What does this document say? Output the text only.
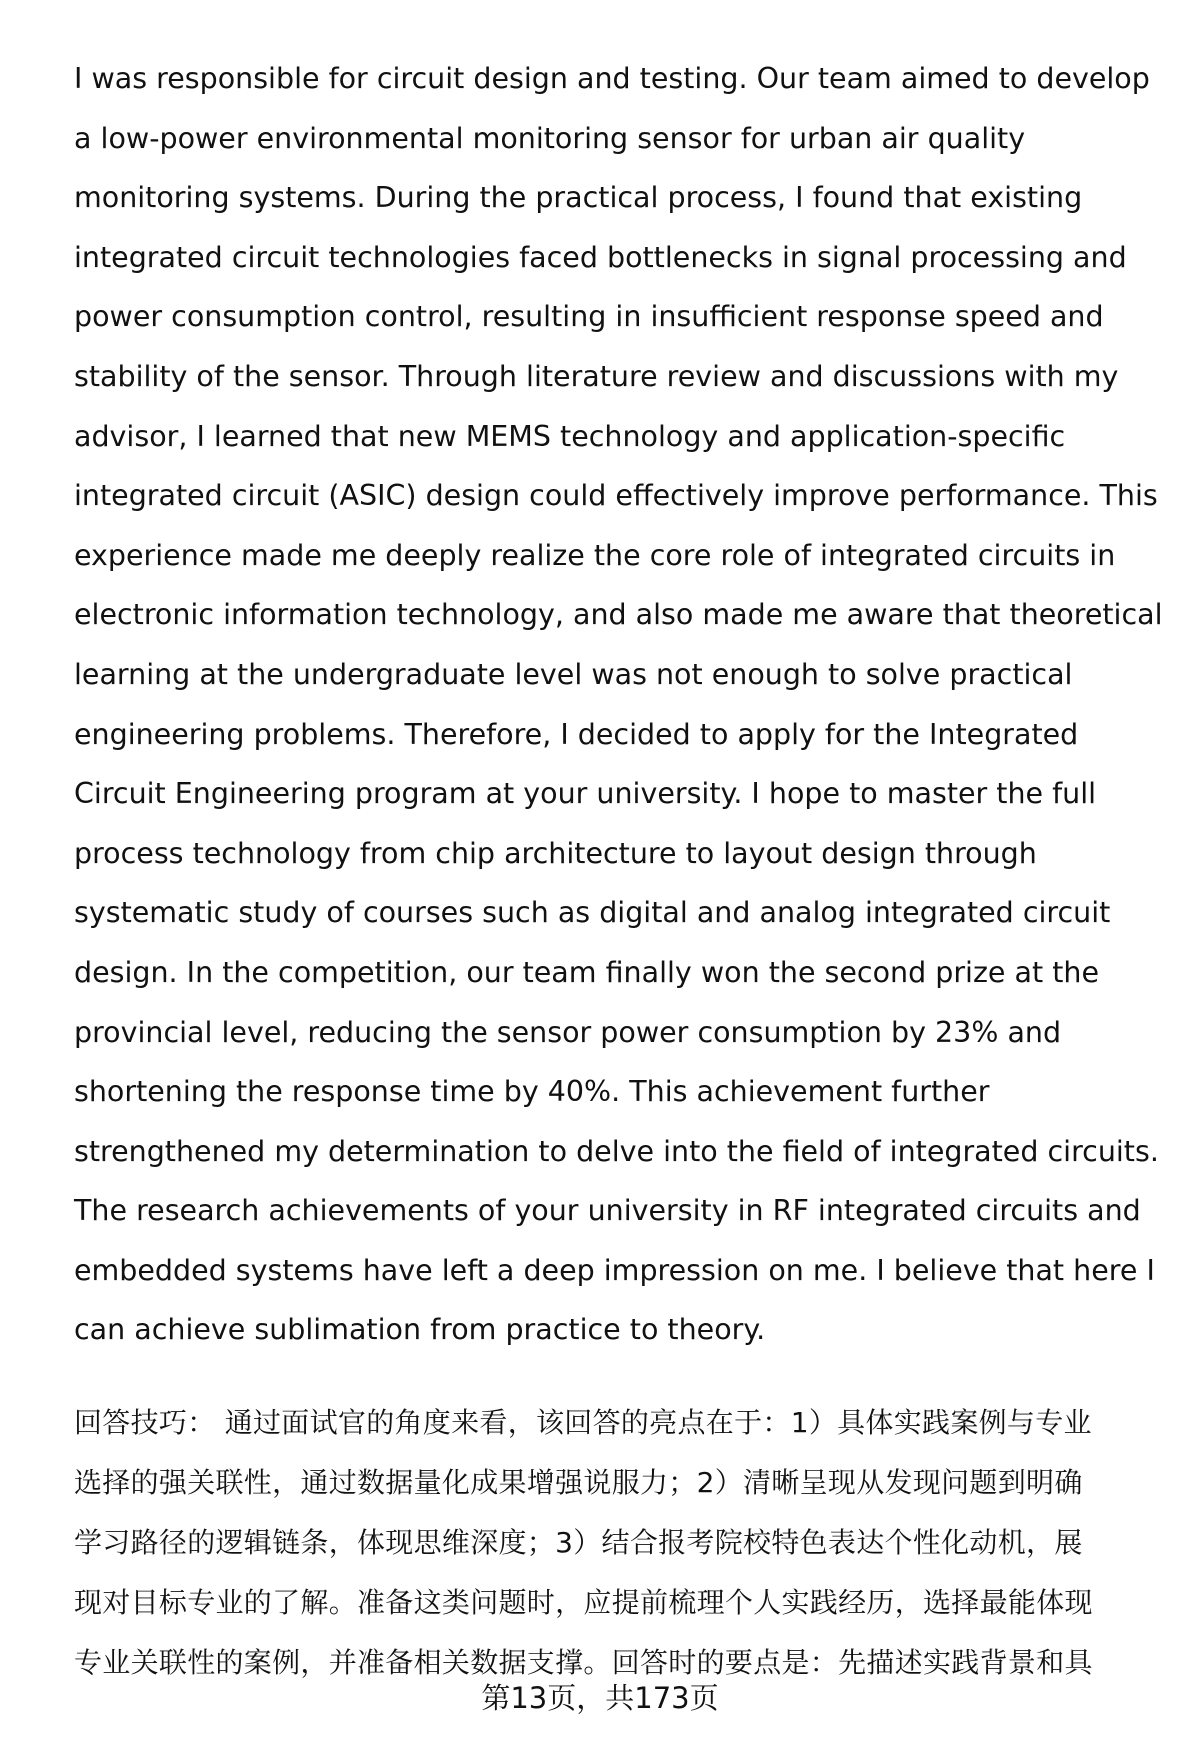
I was responsible for circuit design and testing. Our team aimed to develop
a low-power environmental monitoring sensor for urban air quality
monitoring systems. During the practical process, I found that existing
integrated circuit technologies faced bottlenecks in signal processing and
power consumption control, resulting in insufficient response speed and
stability of the sensor. Through literature review and discussions with my
advisor, I learned that new MEMS technology and application-specific
integrated circuit (ASIC) design could effectively improve performance. This
experience made me deeply realize the core role of integrated circuits in
electronic information technology, and also made me aware that theoretical
learning at the undergraduate level was not enough to solve practical
engineering problems. Therefore, I decided to apply for the Integrated
Circuit Engineering program at your university. I hope to master the full
process technology from chip architecture to layout design through
systematic study of courses such as digital and analog integrated circuit
design. In the competition, our team finally won the second prize at the
provincial level, reducing the sensor power consumption by 23% and
shortening the response time by 40%. This achievement further
strengthened my determination to delve into the field of integrated circuits.
The research achievements of your university in RF integrated circuits and
embedded systems have left a deep impression on me. I believe that here I
can achieve sublimation from practice to theory.
回答技巧： 通过面试官的角度来看，该回答的亮点在于：1）具体实践案例与专业
选择的强关联性，通过数据量化成果增强说服力；2）清晰呈现从发现问题到明确
学习路径的逻辑链条，体现思维深度；3）结合报考院校特色表达个性化动机，展
现对目标专业的了解。准备这类问题时，应提前梳理个人实践经历，选择最能体现
专业关联性的案例，并准备相关数据支撑。回答时的要点是：先描述实践背景和具
第13页，共173页
